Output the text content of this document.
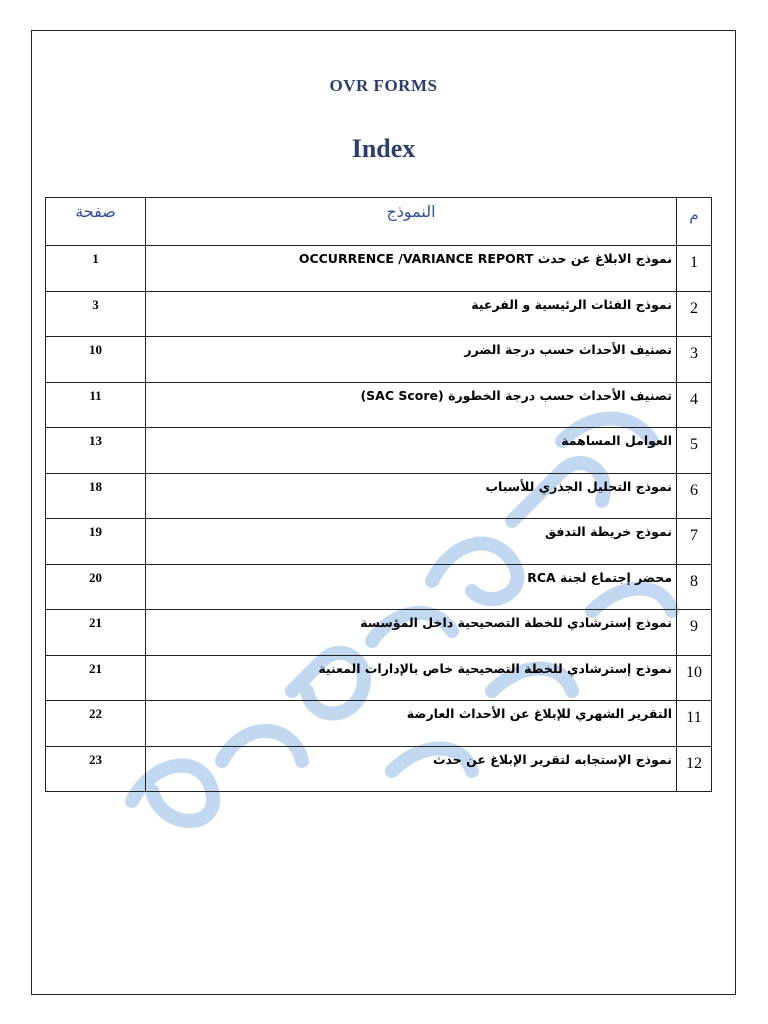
OVR FORMS
Index
صفحة	النموذج	م
1	نموذج الابلاغ عن حدث OCCURRENCE /VARIANCE REPORT	1
3	نموذج الفئات الرئيسية و الفرعية	2
10	تصنيف الأحداث حسب درجة الضرر	3
11	تصنيف الأحداث حسب درجة الخطورة (SAC Score)	4
13	العوامل المساهمة	5
18	نموذج التحليل الجذري للأسباب	6
19	نموذج خريطة التدفق	7
20	محضر إجتماع لجنة RCA	8
21	نموذج إسترشادي للخطة التصحيحية داخل المؤسسة	9
21	نموذج إسترشادي للخطة التصحيحية خاص بالإدارات المعنية	10
22	التقرير الشهري للإبلاغ عن الأحداث العارضة	11
23	نموذج الإستجابه لتقرير الإبلاغ عن حدث	12
